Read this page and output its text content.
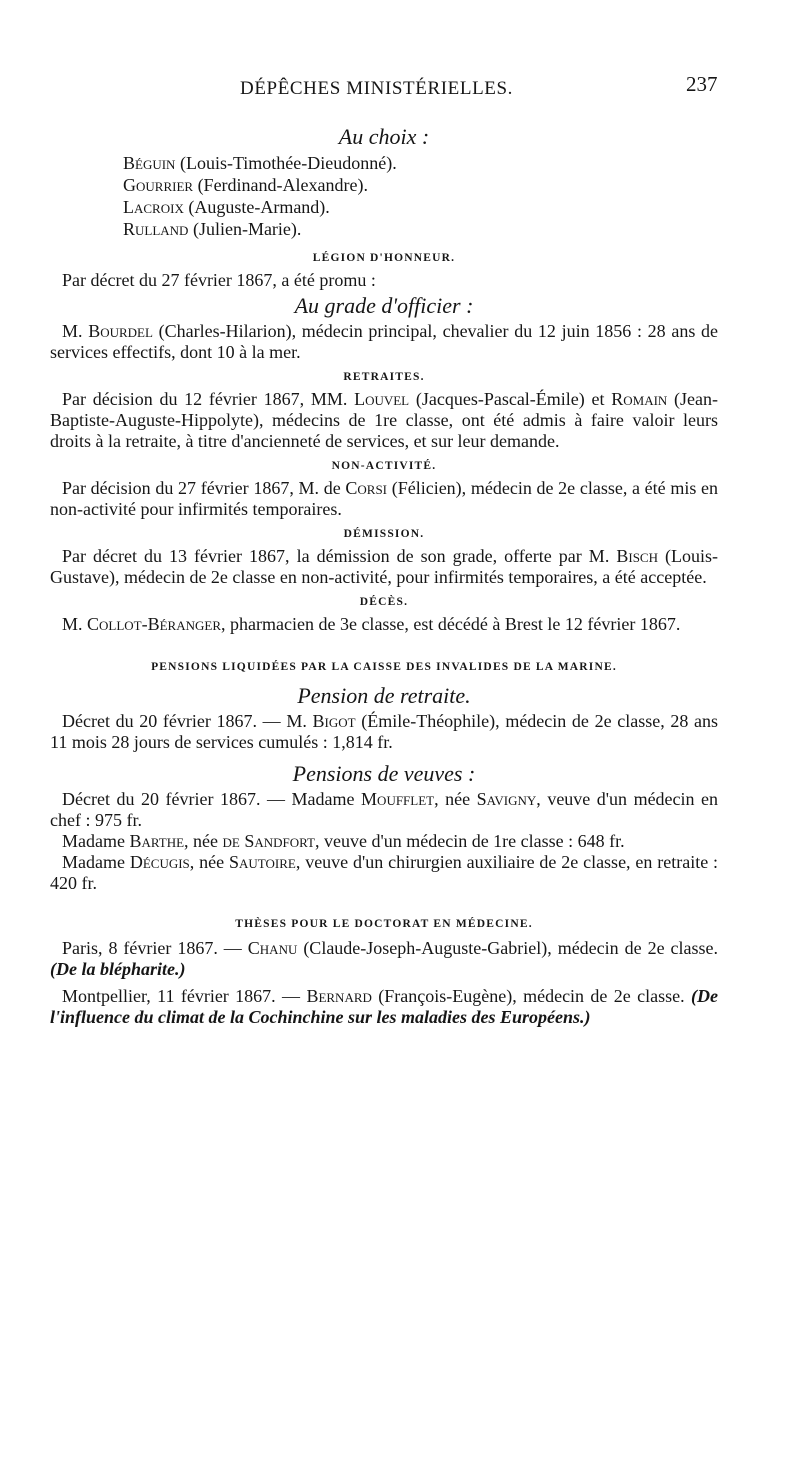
DÉPÊCHES MINISTÉRIELLES.	237

Au choix :

Béguin (Louis-Timothée-Dieudonné).

Gourrier (Ferdinand-Alexandre).

Lacroix (Auguste-Armand).

Rulland (Julien-Marie).

LÉGION D'HONNEUR.

Par décret du 27 février 1867, a été promu :

Au grade d'officier :

M. Bourdel (Charles-Hilarion), médecin principal, chevalier du 12 juin 1856 : 28 ans de services effectifs, dont 10 à la mer.

RETRAITES.

Par décision du 12 février 1867, MM. Louvel (Jacques-Pascal-Émile) et Romain (Jean-Baptiste-Auguste-Hippolyte), médecins de 1re classe, ont été admis à faire valoir leurs droits à la retraite, à titre d'ancienneté de services, et sur leur demande.

NON-ACTIVITÉ.

Par décision du 27 février 1867, M. de Corsi (Félicien), médecin de 2e classe, a été mis en non-activité pour infirmités temporaires.

DÉMISSION.

Par décret du 13 février 1867, la démission de son grade, offerte par M. Bisch (Louis-Gustave), médecin de 2e classe en non-activité, pour infirmités temporaires, a été acceptée.

DÉCÈS.

M. Collot-Béranger, pharmacien de 3e classe, est décédé à Brest le 12 février 1867.

PENSIONS LIQUIDÉES PAR LA CAISSE DES INVALIDES DE LA MARINE.

Pension de retraite.

Décret du 20 février 1867. — M. Bigot (Émile-Théophile), médecin de 2e classe, 28 ans 11 mois 28 jours de services cumulés : 1,814 fr.

Pensions de veuves :

Décret du 20 février 1867. — Madame Moufflet, née Savigny, veuve d'un médecin en chef : 975 fr.

Madame Barthe, née de Sandfort, veuve d'un médecin de 1re classe : 648 fr.

Madame Décugis, née Sautoire, veuve d'un chirurgien auxiliaire de 2e classe, en retraite : 420 fr.

THÈSES POUR LE DOCTORAT EN MÉDECINE.

Paris, 8 février 1867. — Chanu (Claude-Joseph-Auguste-Gabriel), médecin de 2e classe. (De la blépharite.)

Montpellier, 11 février 1867. — Bernard (François-Eugène), médecin de 2e classe. (De l'influence du climat de la Cochinchine sur les maladies des Européens.)
